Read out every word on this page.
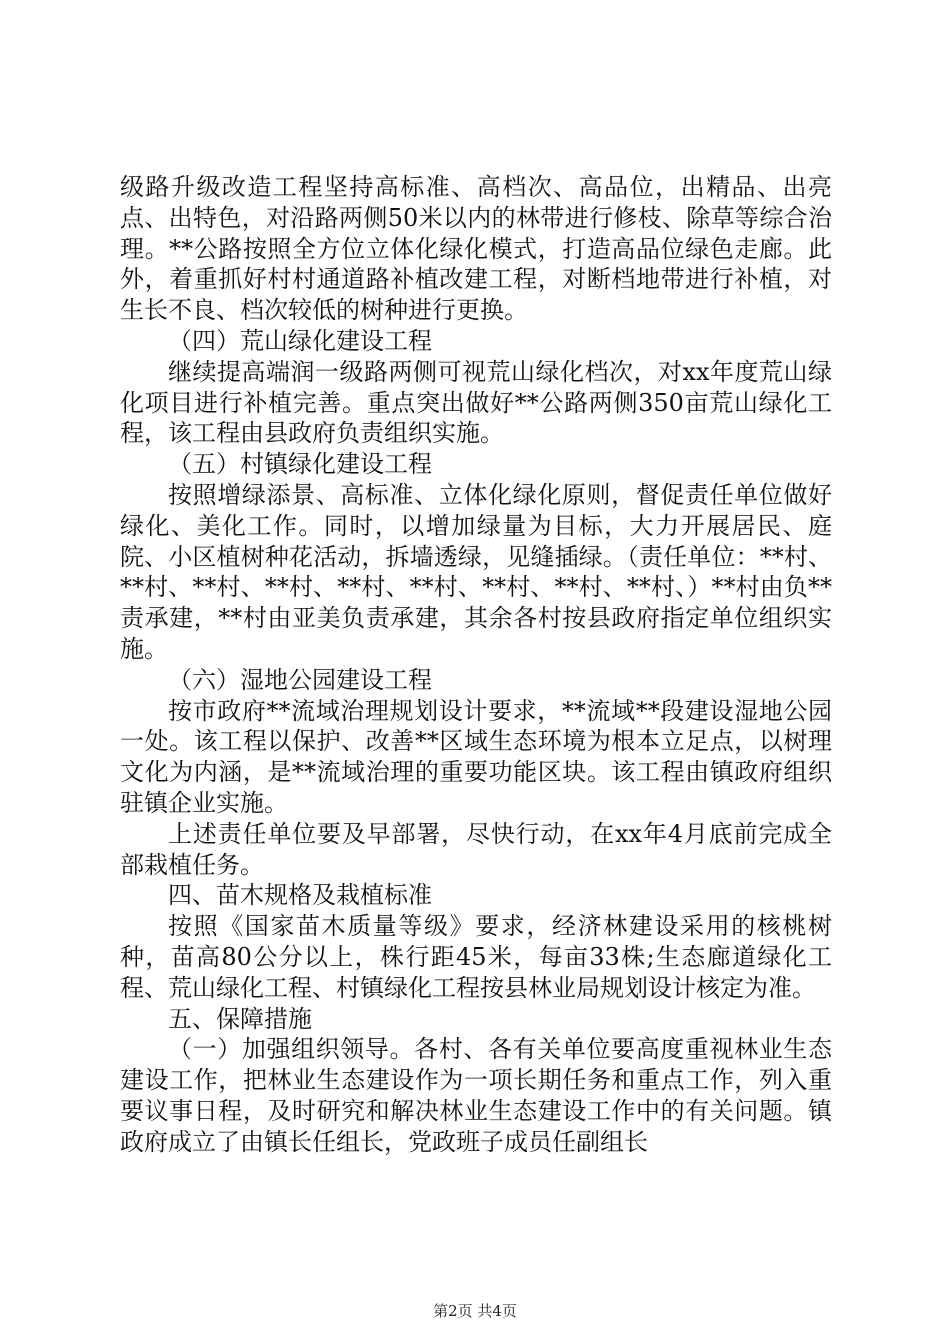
级路升级改造工程坚持高标准、高档次、高品位，出精品、出亮点、出特色，对沿路两侧50米以内的林带进行修枝、除草等综合治理。**公路按照全方位立体化绿化模式，打造高品位绿色走廊。此外，着重抓好村村通道路补植改建工程，对断档地带进行补植，对生长不良、档次较低的树种进行更换。

（四）荒山绿化建设工程

继续提高端润一级路两侧可视荒山绿化档次，对xx年度荒山绿化项目进行补植完善。重点突出做好**公路两侧350亩荒山绿化工程，该工程由县政府负责组织实施。

（五）村镇绿化建设工程

按照增绿添景、高标准、立体化绿化原则，督促责任单位做好绿化、美化工作。同时，以增加绿量为目标，大力开展居民、庭院、小区植树种花活动，拆墙透绿，见缝插绿。（责任单位：**村、**村、**村、**村、**村、**村、**村、**村、**村、）**村由负**责承建，**村由亚美负责承建，其余各村按县政府指定单位组织实施。

（六）湿地公园建设工程

按市政府**流域治理规划设计要求，**流域**段建设湿地公园一处。该工程以保护、改善**区域生态环境为根本立足点，以树理文化为内涵，是**流域治理的重要功能区块。该工程由镇政府组织驻镇企业实施。

上述责任单位要及早部署，尽快行动，在xx年4月底前完成全部栽植任务。

四、苗木规格及栽植标准

按照《国家苗木质量等级》要求，经济林建设采用的核桃树种，苗高80公分以上，株行距45米，每亩33株;生态廊道绿化工程、荒山绿化工程、村镇绿化工程按县林业局规划设计核定为准。

五、保障措施

（一）加强组织领导。各村、各有关单位要高度重视林业生态建设工作，把林业生态建设作为一项长期任务和重点工作，列入重要议事日程，及时研究和解决林业生态建设工作中的有关问题。镇政府成立了由镇长任组长，党政班子成员任副组长

第2页 共4页
